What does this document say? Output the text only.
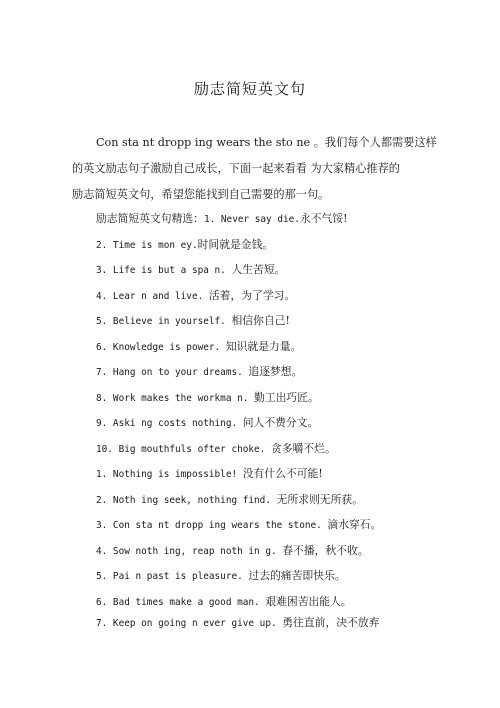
励志简短英文句
Con sta nt dropp ing wears the sto ne 。我们每个人都需要这样
的英文励志句子激励自己成长，下面一起来看看 为大家精心推荐的
励志简短英文句，希望您能找到自己需要的那一句。
励志简短英文句精选：1. Never say die.永不气馁!
2. Time is mon ey.时间就是金钱。
3. Life is but a spa n. 人生苦短。
4. Lear n and live. 活着，为了学习。
5. Believe in yourself. 相信你自己!
6. Knowledge is power. 知识就是力量。
7. Hang on to your dreams. 追逐梦想。
8. Work makes the workma n. 勤工出巧匠。
9. Aski ng costs nothing. 问人不费分文。
10. Big mouthfuls ofter choke. 贪多嚼不烂。
1. Nothing is impossible! 没有什么不可能!
2. Noth ing seek, nothing find. 无所求则无所获。
3. Con sta nt dropp ing wears the stone. 滴水穿石。
4. Sow noth ing, reap noth in g. 春不播，秋不收。
5. Pai n past is pleasure. 过去的痛苦即快乐。
6. Bad times make a good man. 艰难困苦出能人。
7. Keep on going n ever give up. 勇往直前，决不放弃
